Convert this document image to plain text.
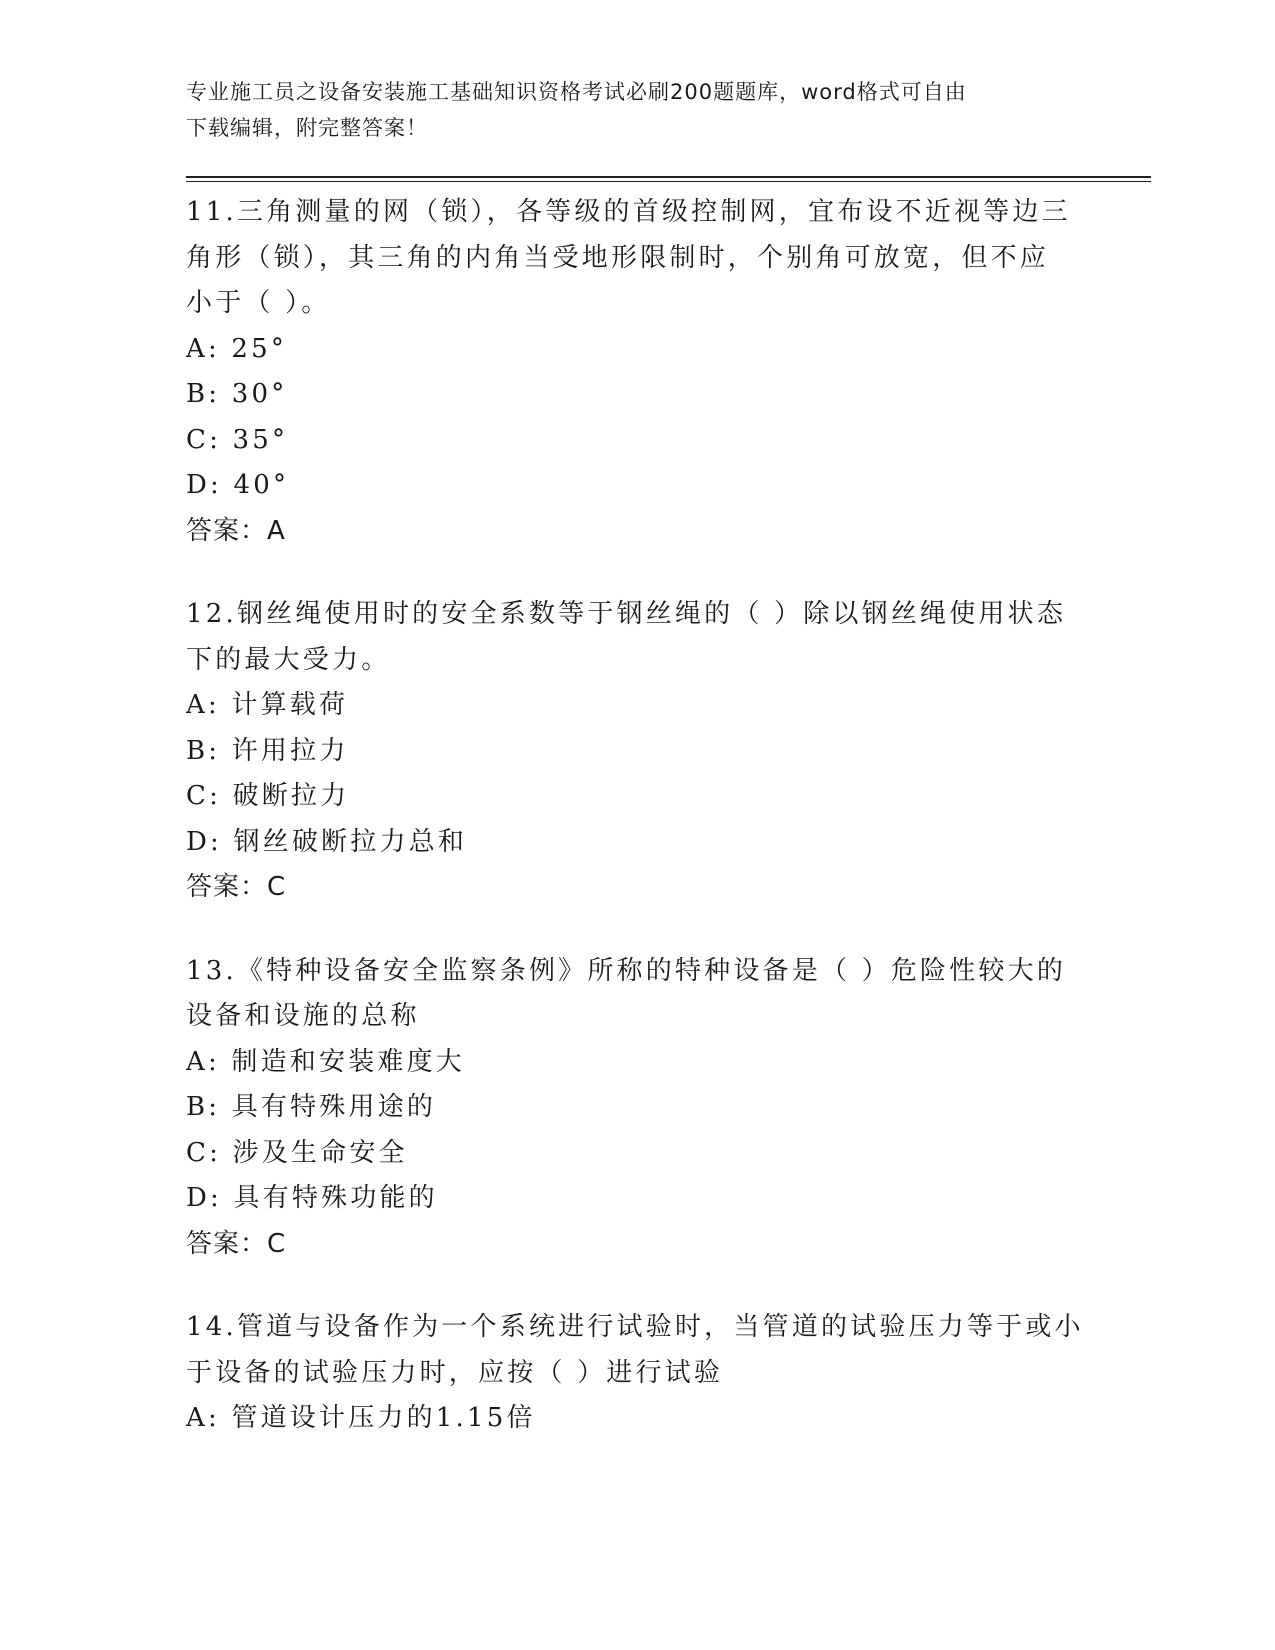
专业施工员之设备安装施工基础知识资格考试必刷200题题库，word格式可自由
下载编辑，附完整答案！
11.三角测量的网（锁），各等级的首级控制网，宜布设不近视等边三
角形（锁），其三角的内角当受地形限制时，个别角可放宽，但不应
小于（ ）。
A: 25°
B: 30°
C: 35°
D: 40°
答案：A
12.钢丝绳使用时的安全系数等于钢丝绳的（ ）除以钢丝绳使用状态
下的最大受力。
A: 计算载荷
B: 许用拉力
C: 破断拉力
D: 钢丝破断拉力总和
答案：C
13.《特种设备安全监察条例》所称的特种设备是（ ）危险性较大的
设备和设施的总称
A: 制造和安装难度大
B: 具有特殊用途的
C: 涉及生命安全
D: 具有特殊功能的
答案：C
14.管道与设备作为一个系统进行试验时，当管道的试验压力等于或小
于设备的试验压力时，应按（ ）进行试验
A: 管道设计压力的1.15倍
